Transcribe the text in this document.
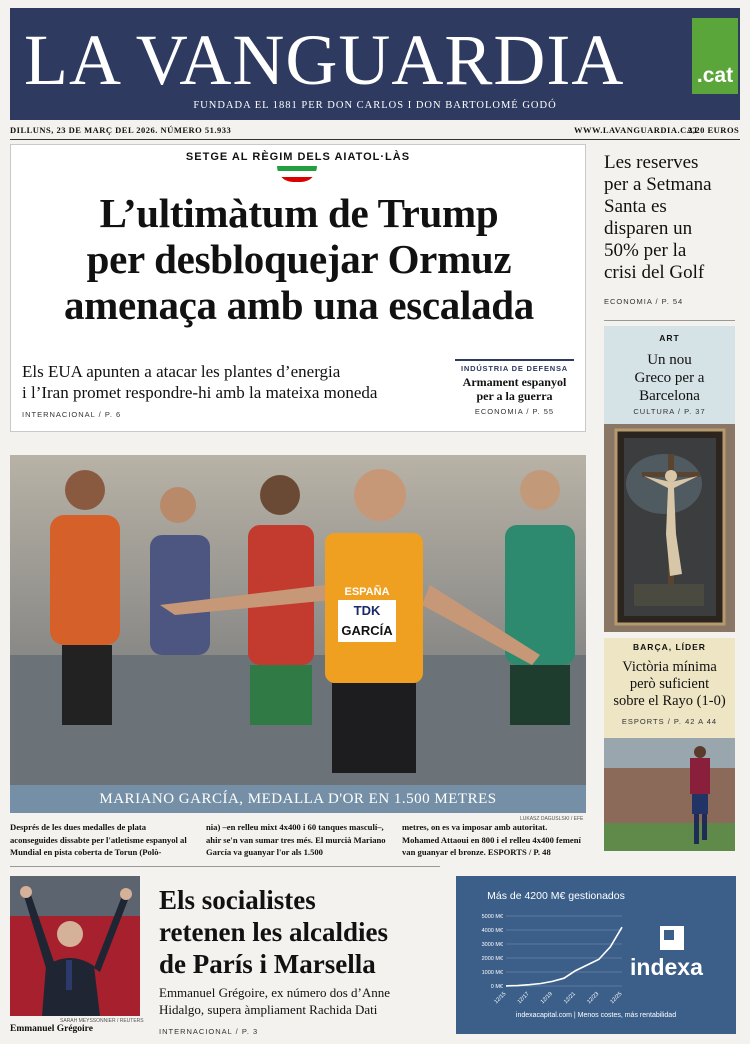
LA VANGUARDIA	.cat
FUNDADA EL 1881 PER DON CARLOS I DON BARTOLOMÉ GODÓ
DILLUNS, 23 DE MARÇ DEL 2026. NÚMERO 51.933	WWW.LAVANGUARDIA.CAT
2,20 EUROS
SETGE AL RÈGIM DELS AIATOL·LÀS
L’ultimàtum de Trump
per desbloquejar Ormuz
amenaça amb una escalada
Els EUA apunten a atacar les plantes d’energia
i l’Iran promet respondre-hi amb la mateixa moneda
INTERNACIONAL / P. 6
INDÚSTRIA DE DEFENSA
Armament espanyol
per a la guerra
ECONOMIA / P. 55
Les reserves
per a Setmana
Santa es
disparen un
50% per la
crisi del Golf
ECONOMIA / P. 54
ART
Un nou
Greco per a
Barcelona
CULTURA / P. 37
BARÇA, LÍDER
Victòria mínima
però suficient
sobre el Rayo (1-0)
ESPORTS / P. 42 A 44
ESPAÑA
TDK
GARCÍA
MARIANO GARCÍA, MEDALLA D'OR EN 1.500 METRES
LUKASZ DAGUSLSKI / EFE
Després de les dues medalles de plata aconseguides dissabte per l'atletisme espanyol al Mundial en pista coberta de Torun (Polò-
nia) –en relleu mixt 4x400 i 60 tanques masculí–, ahir se'n van sumar tres més. El murcià Mariano García va guanyar l'or als 1.500
metres, on es va imposar amb autoritat. Mohamed Attaoui en 800 i el relleu 4x400 femení van guanyar el bronze. ESPORTS / P. 48
SARAH MEYSSONNIER / REUTERS
Emmanuel Grégoire
Els socialistes
retenen les alcaldies
de París i Marsella
Emmanuel Grégoire, ex número dos d’Anne
Hidalgo, supera àmpliament Rachida Dati
INTERNACIONAL / P. 3
Más de 4200 M€ gestionados
0 M€
1000 M€
2000 M€
3000 M€
4000 M€
5000 M€
12/15 12/17 12/19 12/21 12/23 12/25
indexa
indexacapital.com | Menos costes, más rentabilidad
